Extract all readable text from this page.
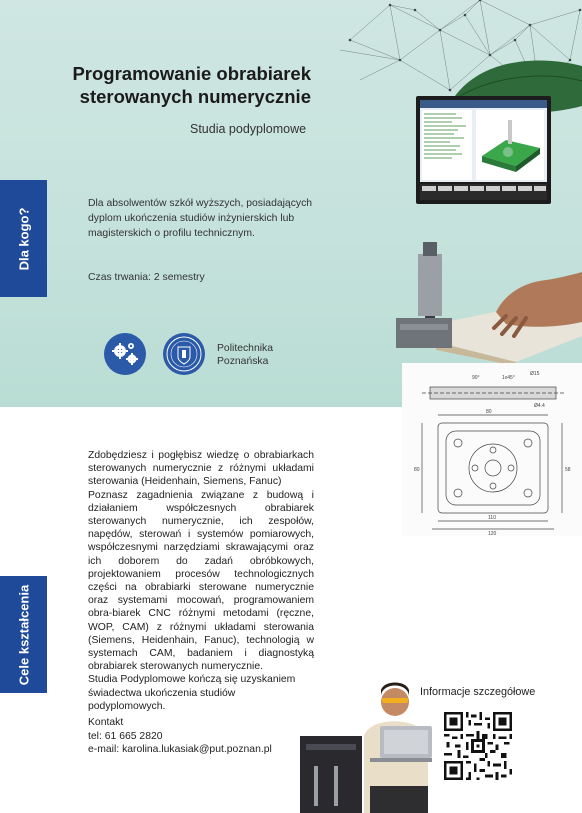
Programowanie obrabiarek
sterowanych numerycznie
Studia podyplomowe
80
110
120
80	58
90°	1x45°
Ø15
Ø4.4
Dla kogo?
Cele kształcenia

Dla absolwentów szkół wyższych, posiadających dyplom ukończenia studiów inżynierskich lub magisterskich o profilu technicznym.

Czas trwania: 2 semestry

Politechnika
Poznańska

Zdobędziesz i pogłębisz wiedzę o obrabiarkach sterowanych numerycznie z różnymi układami sterowania (Heidenhain, Siemens, Fanuc)

Poznasz zagadnienia związane z budową i działaniem współczesnych obrabiarek sterowanych numerycznie, ich zespołów, napędów, sterowań i systemów pomiarowych, współczesnymi narzędziami skrawającymi oraz ich doborem do zadań obróbkowych, projektowaniem procesów technologicznych części na obrabiarki sterowane numerycznie oraz systemami mocowań, programowaniem obra-biarek CNC różnymi metodami (ręczne, WOP, CAM) z różnymi układami sterowania (Siemens, Heidenhain, Fanuc), technologią w systemach CAM, badaniem i diagnostyką obrabiarek sterowanych numerycznie.

Studia Podyplomowe kończą się uzyskaniem świadectwa ukończenia studiów podyplomowych.

Kontakt
tel: 61 665 2820
e-mail: karolina.lukasiak@put.poznan.pl
Informacje szczegółowe
